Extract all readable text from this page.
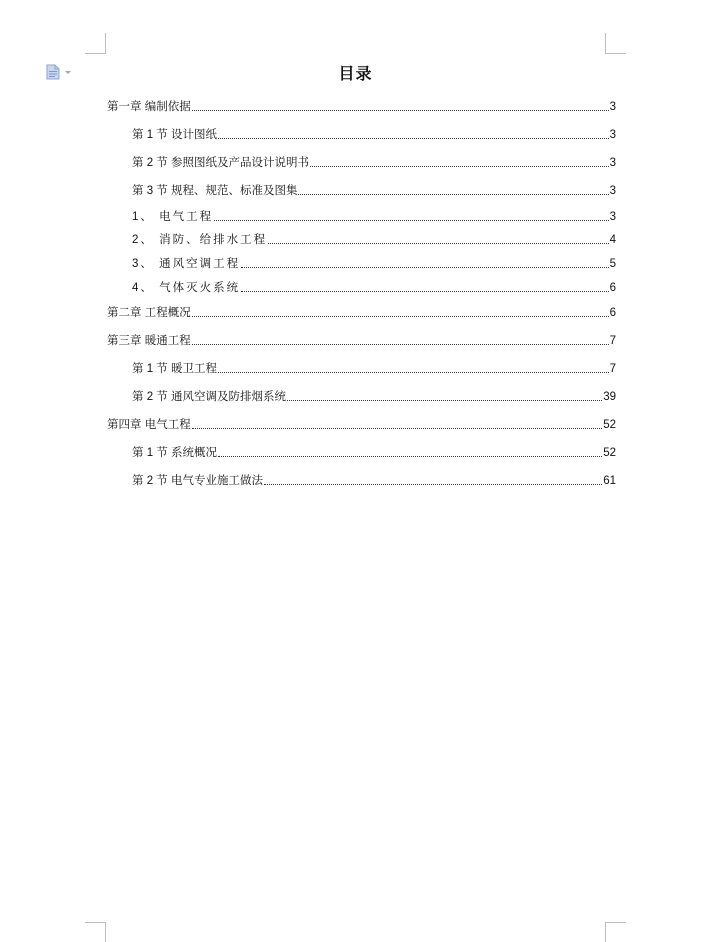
目录
第一章 编制依据	3
第 1 节 设计图纸	3
第 2 节 参照图纸及产品设计说明书	3
第 3 节 规程、规范、标准及图集	3
1、 电气工程	3
2、 消防、给排水工程	4
3、 通风空调工程	5
4、 气体灭火系统	6
第二章 工程概况	6
第三章 暖通工程	7
第 1 节 暖卫工程	7
第 2 节 通风空调及防排烟系统	39
第四章 电气工程	52
第 1 节 系统概况	52
第 2 节 电气专业施工做法	61
